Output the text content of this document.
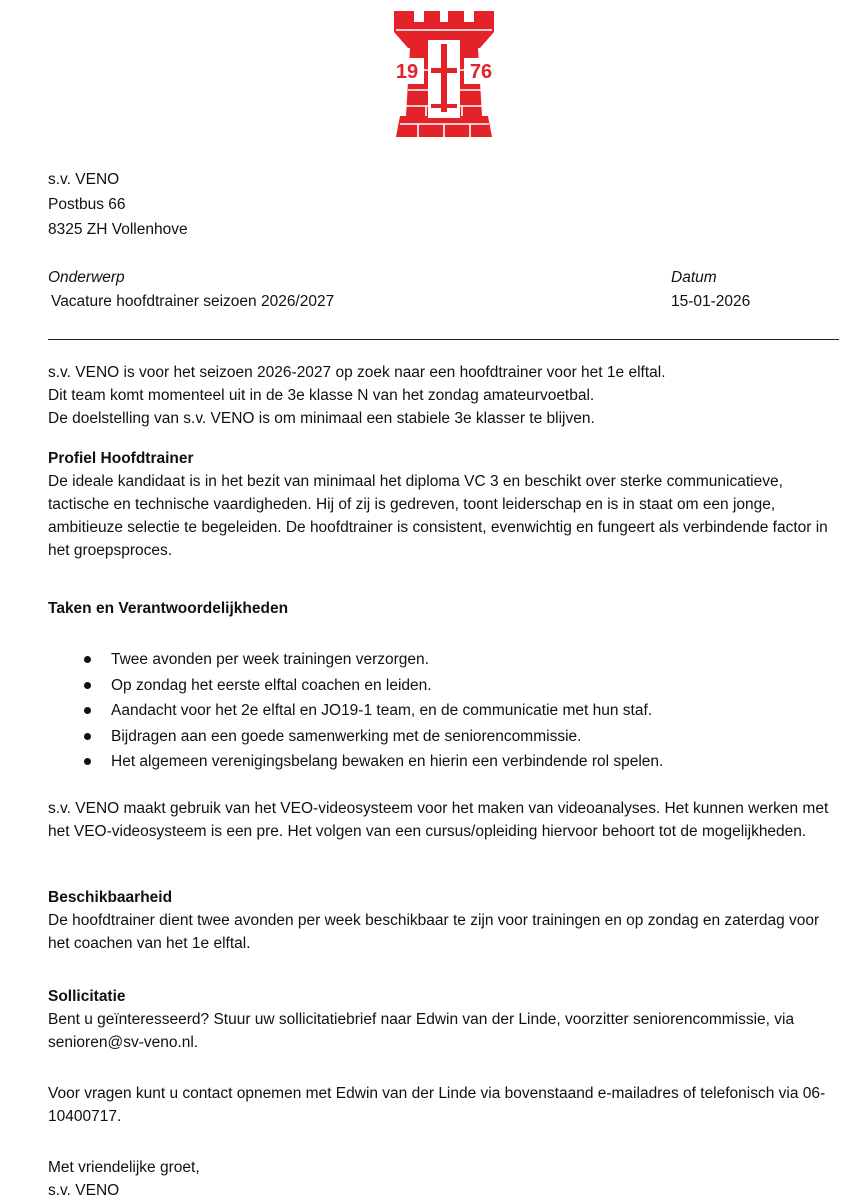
19	76
s.v. VENO
Postbus 66
8325 ZH Vollenhove
Onderwerp
Vacature hoofdtrainer seizoen 2026/2027
Datum
15-01-2026
s.v. VENO is voor het seizoen 2026-2027 op zoek naar een hoofdtrainer voor het 1e elftal.
Dit team komt momenteel uit in de 3e klasse N van het zondag amateurvoetbal.
De doelstelling van s.v. VENO is om minimaal een stabiele 3e klasser te blijven.
Profiel Hoofdtrainer
De ideale kandidaat is in het bezit van minimaal het diploma VC 3 en beschikt over sterke communicatieve, tactische en technische vaardigheden. Hij of zij is gedreven, toont leiderschap en is in staat om een jonge, ambitieuze selectie te begeleiden. De hoofdtrainer is consistent, evenwichtig en fungeert als verbindende factor in het groepsproces.
Taken en Verantwoordelijkheden
Twee avonden per week trainingen verzorgen.
Op zondag het eerste elftal coachen en leiden.
Aandacht voor het 2e elftal en JO19-1 team, en de communicatie met hun staf.
Bijdragen aan een goede samenwerking met de seniorencommissie.
Het algemeen verenigingsbelang bewaken en hierin een verbindende rol spelen.
s.v. VENO maakt gebruik van het VEO-videosysteem voor het maken van videoanalyses. Het kunnen werken met het VEO-videosysteem is een pre. Het volgen van een cursus/opleiding hiervoor behoort tot de mogelijkheden.
Beschikbaarheid
De hoofdtrainer dient twee avonden per week beschikbaar te zijn voor trainingen en op zondag en zaterdag voor het coachen van het 1e elftal.
Sollicitatie
Bent u geïnteresseerd? Stuur uw sollicitatiebrief naar Edwin van der Linde, voorzitter seniorencommissie, via senioren@sv-veno.nl.
Voor vragen kunt u contact opnemen met Edwin van der Linde via bovenstaand e-mailadres of telefonisch via 06-10400717.
Met vriendelijke groet,
s.v. VENO
